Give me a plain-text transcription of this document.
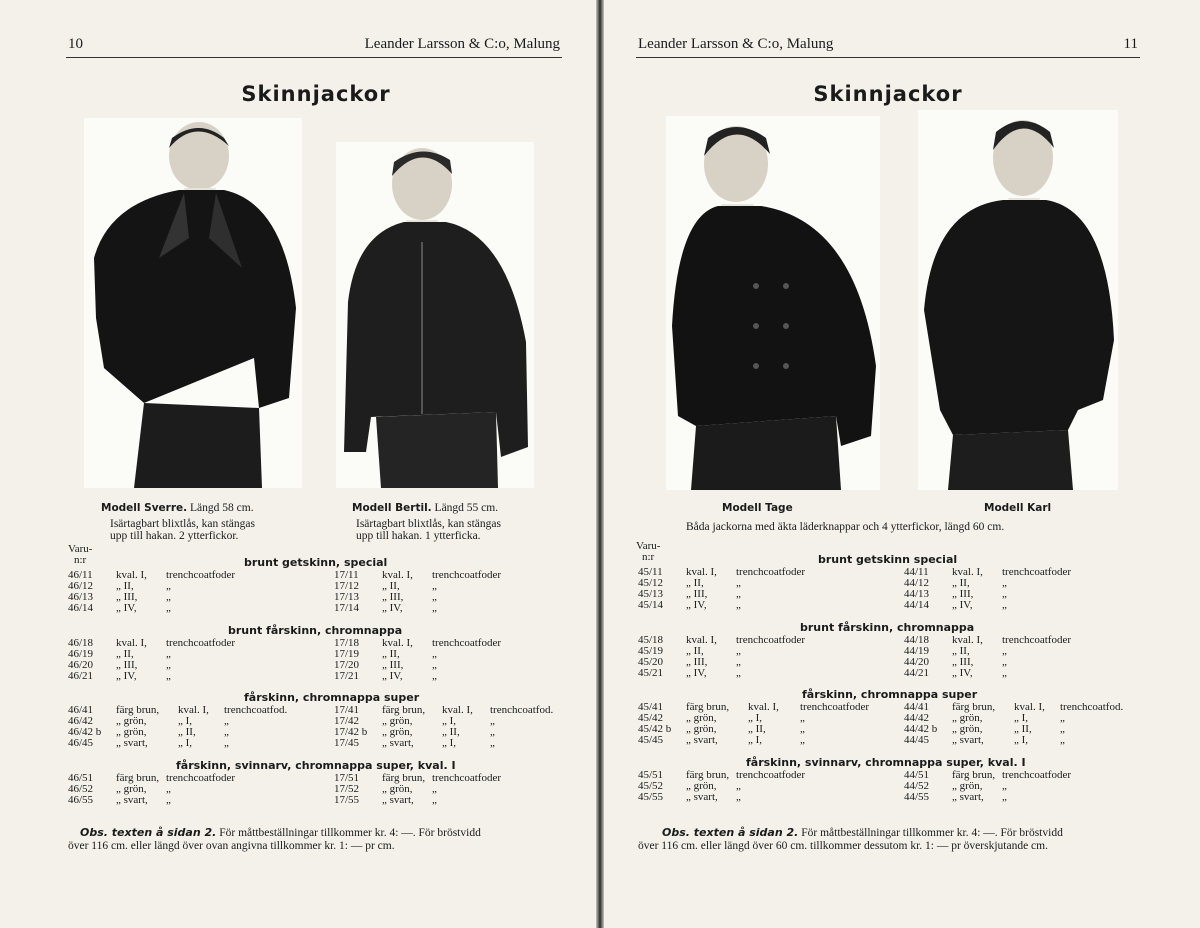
10	Leander Larsson & C:o, Malung
Skinnjackor
Modell Sverre. Längd 58 cm.
Isärtagbart blixtlås, kan stängas
upp till hakan. 2 ytterfickor.
Modell Bertil. Längd 55 cm.
Isärtagbart blixtlås, kan stängas
upp till hakan. 1 ytterficka.
Varu-
n:r	brunt getskinn, special
46/11 kval. I, trenchcoatfoder	17/11 kval. I, trenchcoatfoder
46/12 „ II,	„	17/12 „ II,	„
46/13 „ III,	„	17/13 „ III,	„
46/14 „ IV,	„	17/14 „ IV,	„
brunt fårskinn, chromnappa
46/18 kval. I, trenchcoatfoder	17/18 kval. I, trenchcoatfoder
46/19 „ II,	„	17/19 „ II,	„
46/20 „ III,	„	17/20 „ III,	„
46/21 „ IV,	„	17/21 „ IV,	„
fårskinn, chromnappa super
46/41 färg brun, kval. I, trenchcoatfod.	17/41 färg brun, kval. I, trenchcoatfod.
46/42 „ grön,	„ I,	„	17/42 „ grön,	„ I,	„
46/42 b „ grön,	„ II,	„	17/42 b „ grön,	„ II,	„
46/45 „ svart,	„ I,	„	17/45 „ svart,	„ I,	„
fårskinn, svinnarv, chromnappa super, kval. I
46/51 färg brun, trenchcoatfoder	17/51 färg brun, trenchcoatfoder
46/52 „ grön, „	17/52 „ grön, „
46/55 „ svart, „	17/55 „ svart, „
Obs. texten å sidan 2. För måttbeställningar tillkommer kr. 4: —. För bröstvidd
över 116 cm. eller längd över ovan angivna tillkommer kr. 1: — pr cm.
Leander Larsson & C:o, Malung	11
Skinnjackor
Modell Tage	Modell Karl
Båda jackorna med äkta läderknappar och 4 ytterfickor, längd 60 cm.
Varu-
n:r	brunt getskinn special
45/11 kval. I, trenchcoatfoder	44/11 kval. I, trenchcoatfoder
45/12 „ II,	„	44/12 „ II,	„
45/13 „ III,	„	44/13 „ III,	„
45/14 „ IV,	„	44/14 „ IV,	„
brunt fårskinn, chromnappa
45/18 kval. I, trenchcoatfoder	44/18 kval. I, trenchcoatfoder
45/19 „ II,	„	44/19 „ II,	„
45/20 „ III,	„	44/20 „ III,	„
45/21 „ IV,	„	44/21 „ IV,	„
fårskinn, chromnappa super
45/41 färg brun, kval. I, trenchcoatfoder	44/41 färg brun, kval. I, trenchcoatfod.
45/42 „ grön,	„ I,	„	44/42 „ grön,	„ I,	„
45/42 b „ grön,	„ II,	„	44/42 b „ grön,	„ II,	„
45/45 „ svart,	„ I,	„	44/45 „ svart,	„ I,	„
fårskinn, svinnarv, chromnappa super, kval. I
45/51 färg brun, trenchcoatfoder	44/51 färg brun, trenchcoatfoder
45/52 „ grön, „	44/52 „ grön, „
45/55 „ svart, „	44/55 „ svart, „
Obs. texten å sidan 2. För måttbeställningar tillkommer kr. 4: —. För bröstvidd
över 116 cm. eller längd över 60 cm. tillkommer dessutom kr. 1: — pr överskjutande cm.
